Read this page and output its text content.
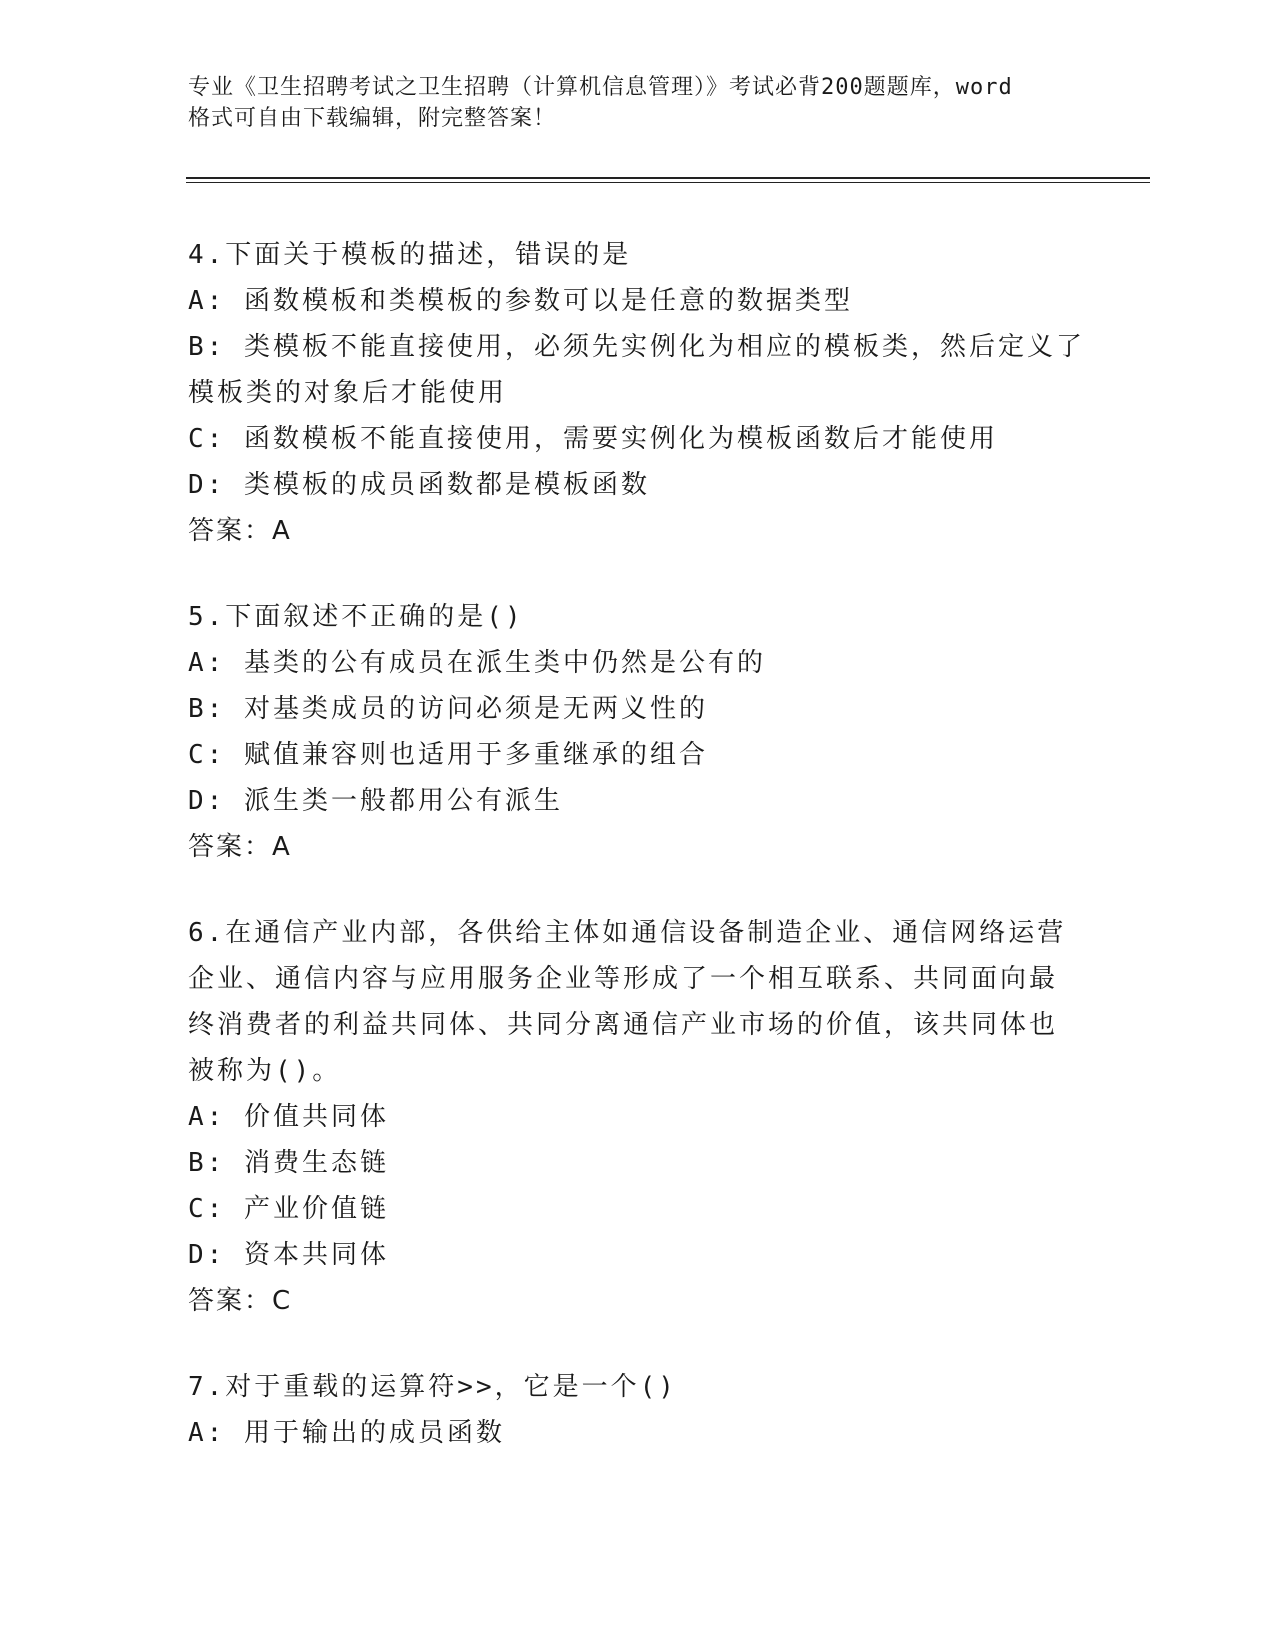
专业《卫生招聘考试之卫生招聘（计算机信息管理）》考试必背200题题库，word
格式可自由下载编辑，附完整答案！
4.下面关于模板的描述，错误的是
A: 函数模板和类模板的参数可以是任意的数据类型
B: 类模板不能直接使用，必须先实例化为相应的模板类，然后定义了
模板类的对象后才能使用
C: 函数模板不能直接使用，需要实例化为模板函数后才能使用
D: 类模板的成员函数都是模板函数
答案：A
5.下面叙述不正确的是()
A: 基类的公有成员在派生类中仍然是公有的
B: 对基类成员的访问必须是无两义性的
C: 赋值兼容则也适用于多重继承的组合
D: 派生类一般都用公有派生
答案：A
6.在通信产业内部，各供给主体如通信设备制造企业、通信网络运营
企业、通信内容与应用服务企业等形成了一个相互联系、共同面向最
终消费者的利益共同体、共同分离通信产业市场的价值，该共同体也
被称为()。
A: 价值共同体
B: 消费生态链
C: 产业价值链
D: 资本共同体
答案：C
7.对于重载的运算符>>，它是一个()
A: 用于输出的成员函数
